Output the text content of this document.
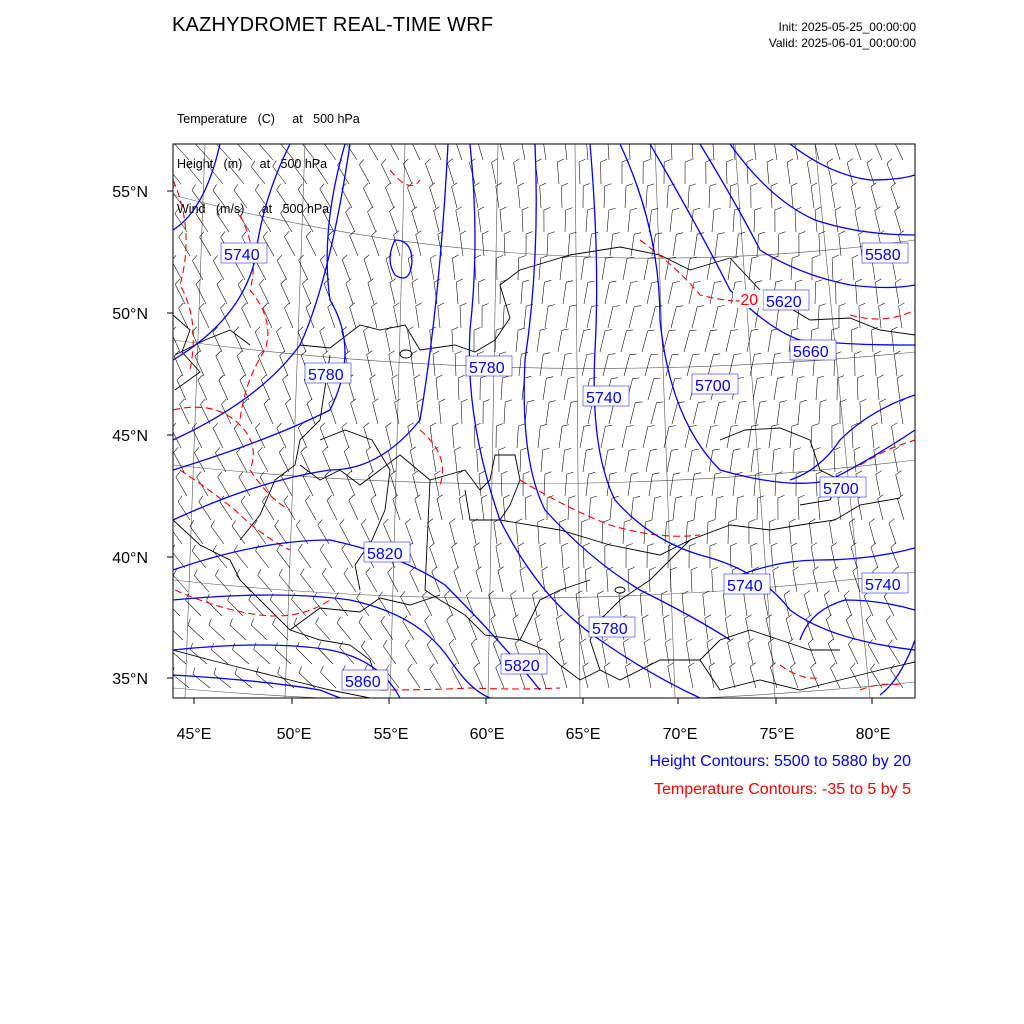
KAZHYDROMET REAL-TIME WRF	Init: 2025-05-25_00:00:00
Valid: 2025-06-01_00:00:00

Temperature   (C)     at   500 hPa

Height   (m)     at   500 hPa

Wind   (m/s)     at   500 hPa

5740
5780	5780
5740
5700
5580
5620
5660
5820
5780
5820
5860
5740
5700
5740
-20
45°E	50°E	55°E	60°E	65°E	70°E	75°E	80°E
55°N
50°N
45°N
40°N
35°N
Height Contours: 5500 to 5880 by 20
Temperature Contours: -35 to 5 by 5
